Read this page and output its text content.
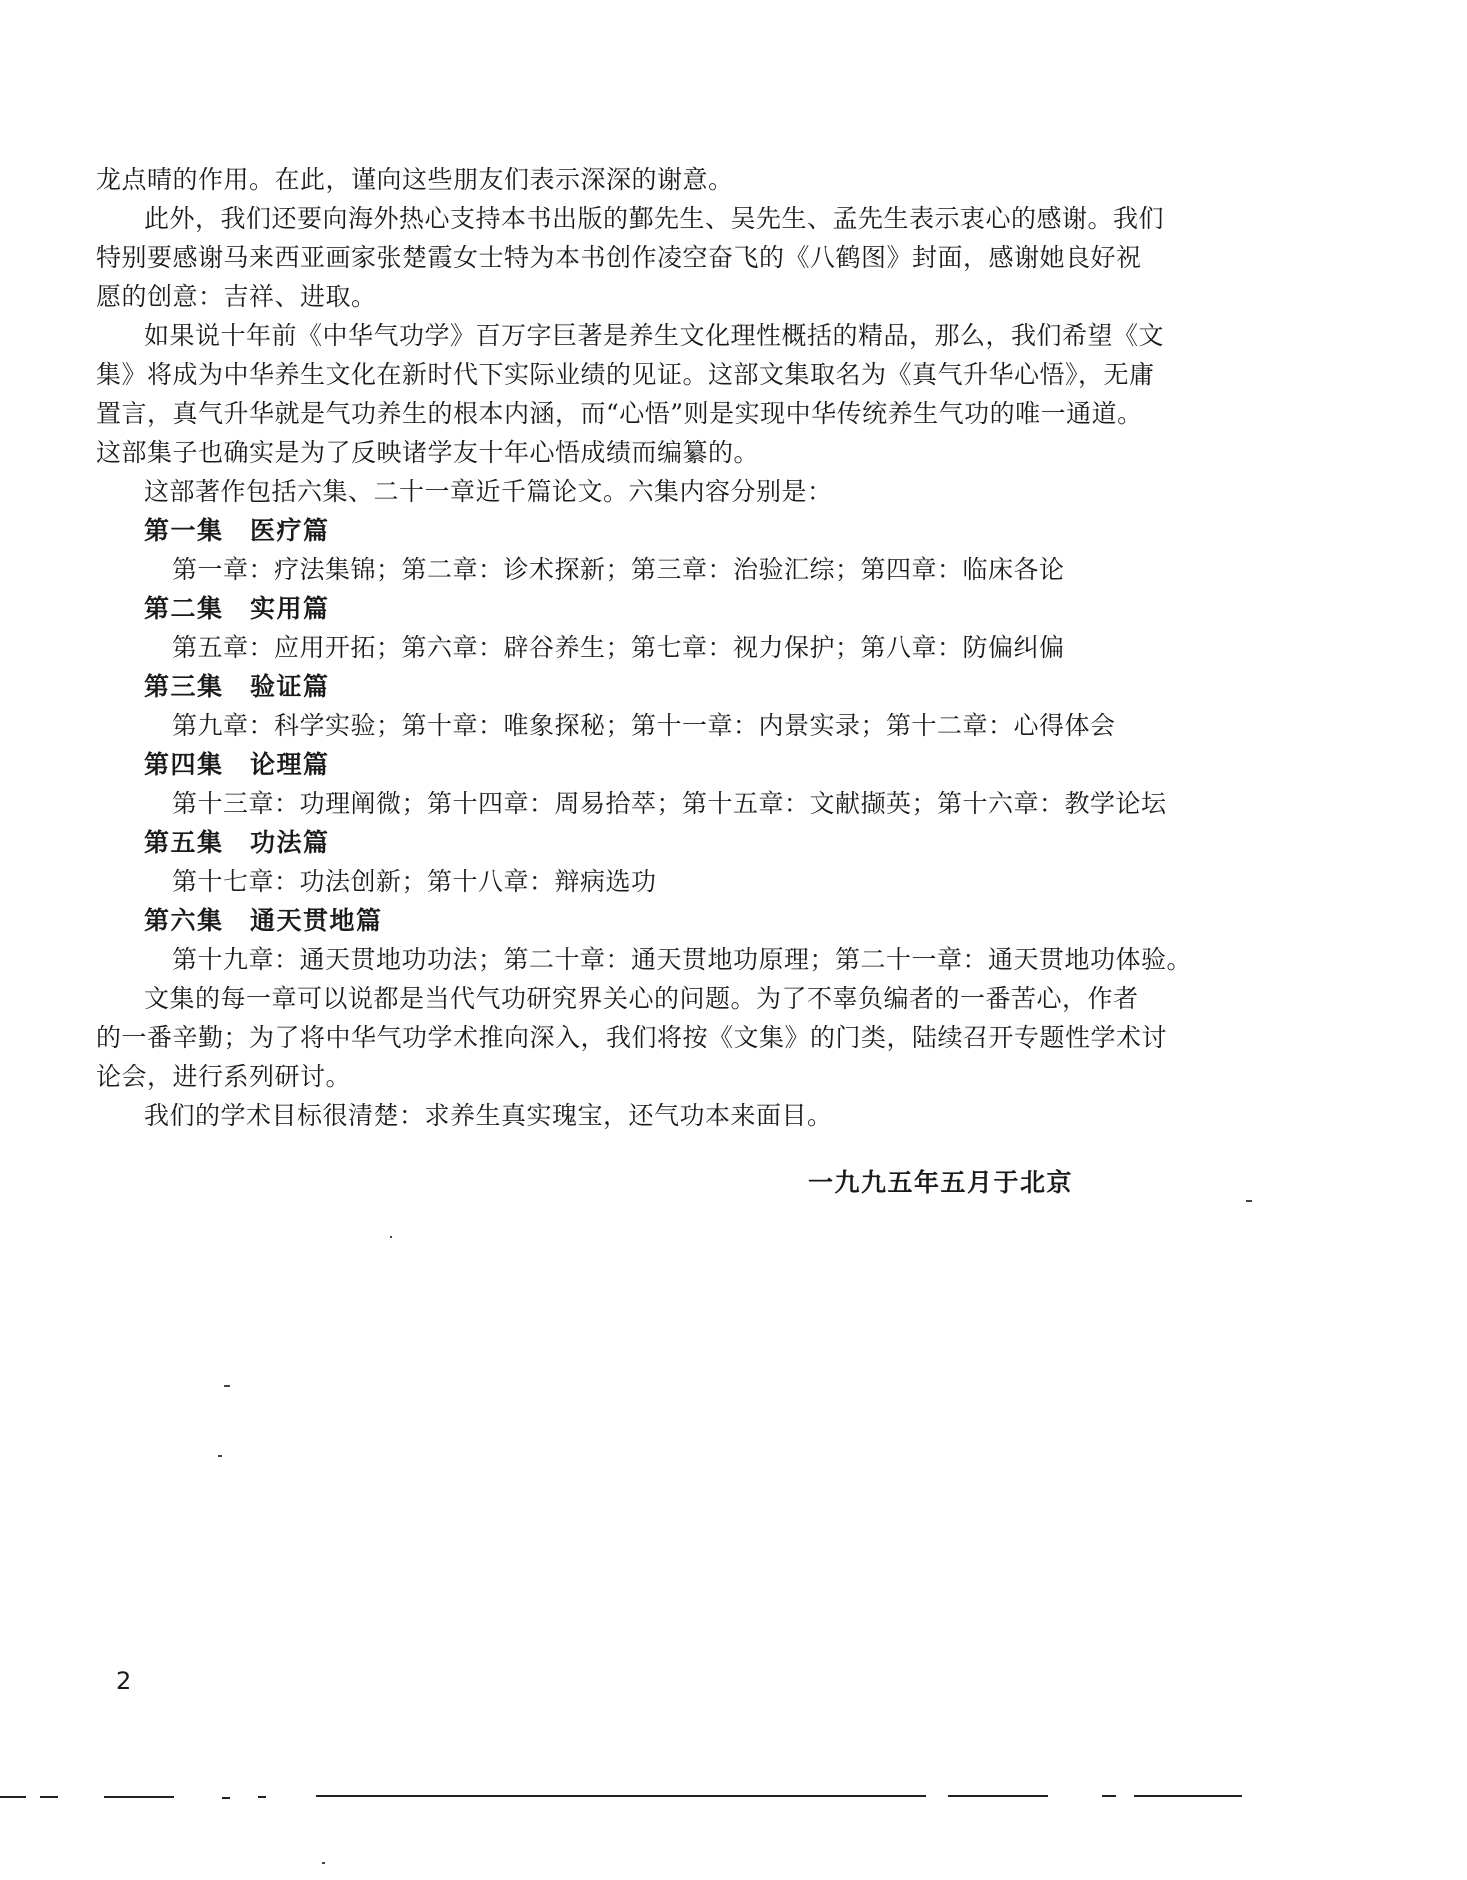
龙点晴的作用。在此，谨向这些朋友们表示深深的谢意。
此外，我们还要向海外热心支持本书出版的鄞先生、吴先生、孟先生表示衷心的感谢。我们
特别要感谢马来西亚画家张楚霞女士特为本书创作凌空奋飞的《八鹤图》封面，感谢她良好祝
愿的创意：吉祥、进取。
如果说十年前《中华气功学》百万字巨著是养生文化理性概括的精品，那么，我们希望《文
集》将成为中华养生文化在新时代下实际业绩的见证。这部文集取名为《真气升华心悟》，无庸
置言，真气升华就是气功养生的根本内涵，而“心悟”则是实现中华传统养生气功的唯一通道。
这部集子也确实是为了反映诸学友十年心悟成绩而编纂的。
这部著作包括六集、二十一章近千篇论文。六集内容分别是：
第一集　医疗篇
第一章：疗法集锦；第二章：诊术探新；第三章：治验汇综；第四章：临床各论
第二集　实用篇
第五章：应用开拓；第六章：辟谷养生；第七章：视力保护；第八章：防偏纠偏
第三集　验证篇
第九章：科学实验；第十章：唯象探秘；第十一章：内景实录；第十二章：心得体会
第四集　论理篇
第十三章：功理阐微；第十四章：周易拾萃；第十五章：文献撷英；第十六章：教学论坛
第五集　功法篇
第十七章：功法创新；第十八章：辩病选功
第六集　通天贯地篇
第十九章：通天贯地功功法；第二十章：通天贯地功原理；第二十一章：通天贯地功体验。
文集的每一章可以说都是当代气功研究界关心的问题。为了不辜负编者的一番苦心，作者
的一番辛勤；为了将中华气功学术推向深入，我们将按《文集》的门类，陆续召开专题性学术讨
论会，进行系列研讨。
我们的学术目标很清楚：求养生真实瑰宝，还气功本来面目。
一九九五年五月于北京
2
